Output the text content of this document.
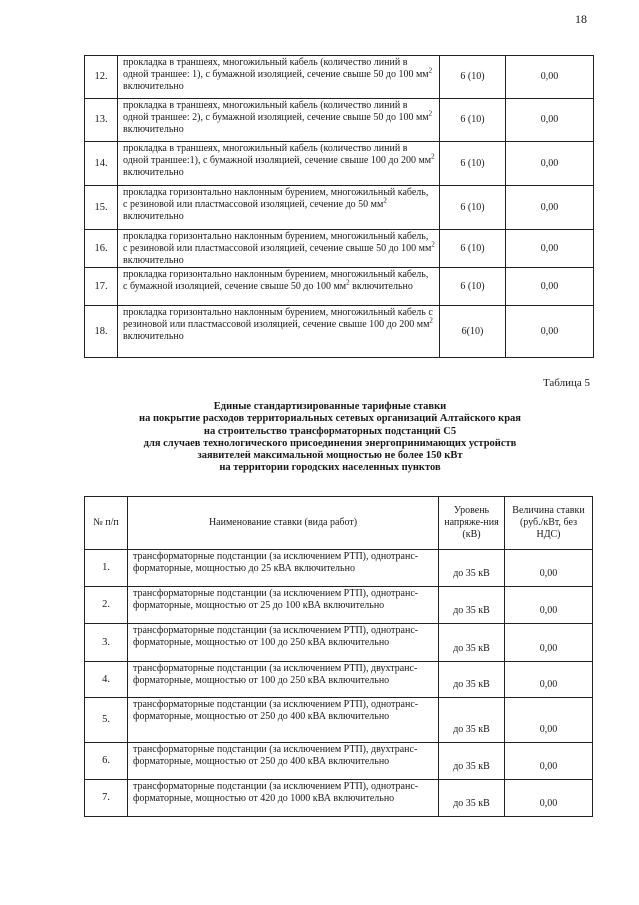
18
12.	прокладка в траншеях, многожильный кабель (количество линий в одной траншее: 1), с бумажной изоляцией, сечение свыше 50 до 100 $мм^2$ включительно	6 (10)	0,00
13.	прокладка в траншеях, многожильный кабель (количество линий в одной траншее: 2), с бумажной изоляцией, сечение свыше 50 до 100 $мм^2$ включительно	6 (10)	0,00
14.	прокладка в траншеях, многожильный кабель (количество линий в одной траншее:1), с бумажной изоляцией, сечение свыше 100 до 200 $мм^2$ включительно	6 (10)	0,00
15.	прокладка горизонтально наклонным бурением, многожильный кабель, с резиновой или пластмассовой изоляцией, сечение до 50 $мм^2$ включительно	6 (10)	0,00
16.	прокладка горизонтально наклонным бурением, многожильный кабель, с резиновой или пластмассовой изоляцией, сечение свыше 50 до 100 $мм^2$ включительно	6 (10)	0,00
17.	прокладка горизонтально наклонным бурением, многожильный кабель, с бумажной изоляцией, сечение свыше 50 до 100 $мм^2$ включительно	6 (10)	0,00
18.	прокладка горизонтально наклонным бурением, многожильный кабель с резиновой или пластмассовой изоляцией, сечение свыше 100 до 200 $мм^2$ включительно	6(10)	0,00
Таблица 5
Единые стандартизированные тарифные ставки
на покрытие расходов территориальных сетевых организаций Алтайского края
на строительство трансформаторных подстанций С5
для случаев технологического присоединения энергопринимающих устройств
заявителей максимальной мощностью не более 150 кВт
на территории городских населенных пунктов
№ п/п	Наименование ставки (вида работ)	Уровень напряже-ния (кВ)	Величина ставки (руб./кВт, без НДС)
1.	трансформаторные подстанции (за исключением РТП), однотранс-форматорные, мощностью до 25 кВА включительно	до 35 кВ	0,00
2.	трансформаторные подстанции (за исключением РТП), однотранс-форматорные, мощностью от 25 до 100 кВА включительно	до 35 кВ	0,00
3.	трансформаторные подстанции (за исключением РТП), однотранс-форматорные, мощностью от 100 до 250 кВА включительно	до 35 кВ	0,00
4.	трансформаторные подстанции (за исключением РТП), двухтранс-форматорные, мощностью от 100 до 250 кВА включительно	до 35 кВ	0,00
5.	трансформаторные подстанции (за исключением РТП), однотранс-форматорные, мощностью от 250 до 400 кВА включительно	до 35 кВ	0,00
6.	трансформаторные подстанции (за исключением РТП), двухтранс-форматорные, мощностью от 250 до 400 кВА включительно	до 35 кВ	0,00
7.	трансформаторные подстанции (за исключением РТП), однотранс-форматорные, мощностью от 420 до 1000 кВА включительно	до 35 кВ	0,00
